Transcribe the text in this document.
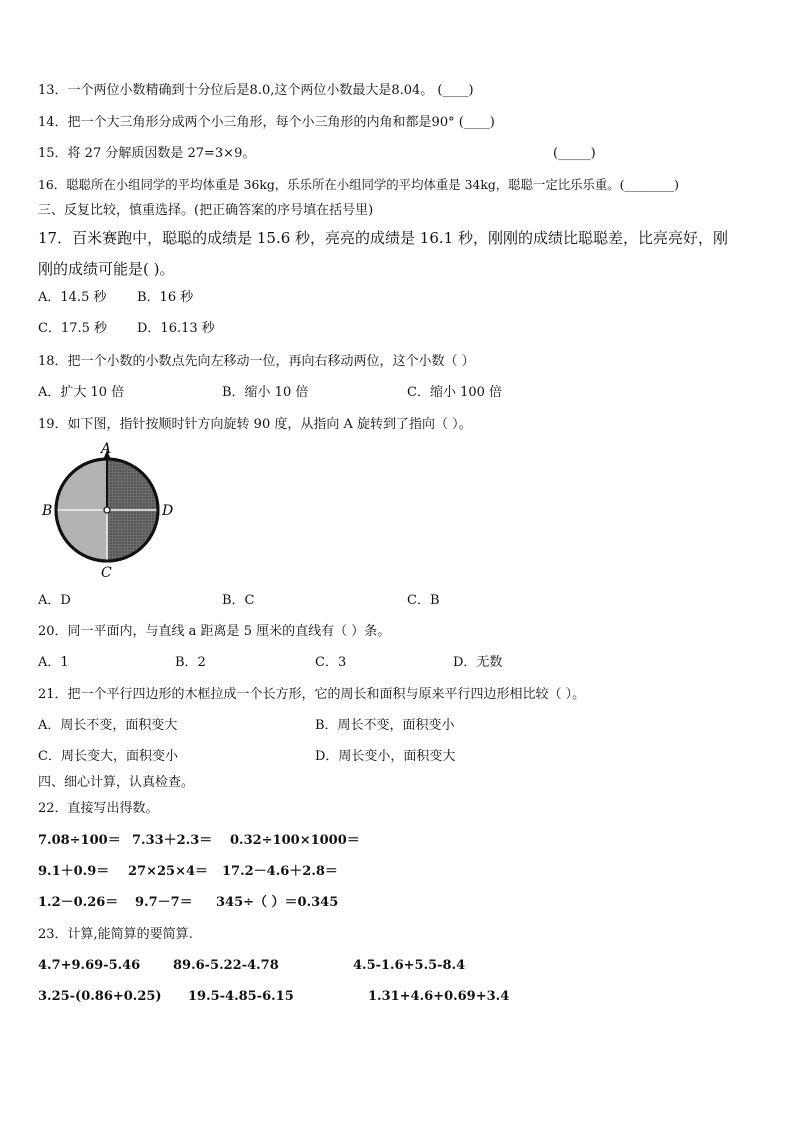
13．一个两位小数精确到十分位后是8.0,这个两位小数最大是8.04。 (____)
14．把一个大三角形分成两个小三角形，每个小三角形的内角和都是90° (____)
15．将 27 分解质因数是 27=3×9。	(_____)
16．聪聪所在小组同学的平均体重是 36kg，乐乐所在小组同学的平均体重是 34kg，聪聪一定比乐乐重。(________)
三、反复比较，慎重选择。(把正确答案的序号填在括号里)
17．百米赛跑中，聪聪的成绩是 15.6 秒，亮亮的成绩是 16.1 秒，刚刚的成绩比聪聪差，比亮亮好，刚
刚的成绩可能是( )。
A．14.5 秒 B．16 秒
C．17.5 秒 D．16.13 秒
18．把一个小数的小数点先向左移动一位，再向右移动两位，这个小数（ ）
A．扩大 10 倍	B．缩小 10 倍	C．缩小 100 倍
19．如下图，指针按顺时针方向旋转 90 度，从指向 A 旋转到了指向（ ）。
A
B
C
D
A．D	B．C	C．B
20．同一平面内，与直线 a 距离是 5 厘米的直线有（ ）条。
A．1	B．2	C．3	D．无数
21．把一个平行四边形的木框拉成一个长方形，它的周长和面积与原来平行四边形相比较（ ）。
A．周长不变，面积变大	B．周长不变，面积变小
C．周长变大，面积变小	D．周长变小，面积变大
四、细心计算，认真检查。
22．直接写出得数。
7.08÷100＝ 7.33＋2.3＝ 0.32÷100×1000＝
9.1＋0.9＝ 27×25×4＝ 17.2－4.6＋2.8＝
1.2－0.26＝ 9.7－7＝ 345÷（ ）＝0.345
23．计算,能简算的要简算.
4.7+9.69-5.46	89.6-5.22-4.78	4.5-1.6+5.5-8.4
3.25-(0.86+0.25) 19.5-4.85-6.15	1.31+4.6+0.69+3.4
